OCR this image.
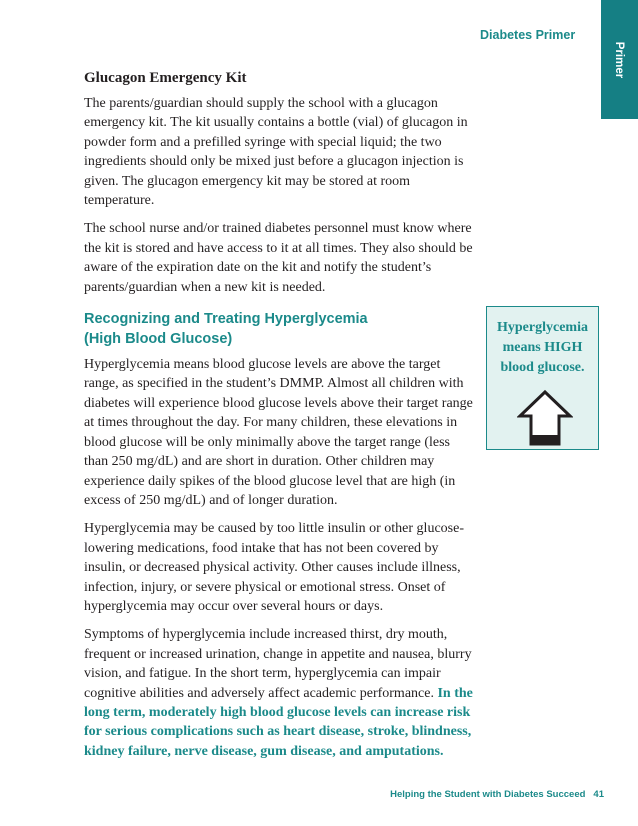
Diabetes Primer
Primer
Glucagon Emergency Kit

The parents/guardian should supply the school with a glucagon emergency kit. The kit usually contains a bottle (vial) of glucagon in powder form and a prefilled syringe with special liquid; the two ingredients should only be mixed just before a glucagon injection is given. The glucagon emergency kit may be stored at room temperature.

The school nurse and/or trained diabetes personnel must know where the kit is stored and have access to it at all times. They also should be aware of the expiration date on the kit and notify the student’s parents/guardian when a new kit is needed.

Recognizing and Treating Hyperglycemia
(High Blood Glucose)

Hyperglycemia means blood glucose levels are above the target range, as specified in the student’s DMMP. Almost all children with diabetes will experience blood glucose levels above their target range at times throughout the day. For many children, these elevations in blood glucose will be only minimally above the target range (less than 250 mg/dL) and are short in duration. Other children may experience daily spikes of the blood glucose level that are high (in excess of 250 mg/dL) and of longer duration.

Hyperglycemia may be caused by too little insulin or other glucose-lowering medications, food intake that has not been covered by insulin, or decreased physical activity. Other causes include illness, infection, injury, or severe physical or emotional stress. Onset of hyperglycemia may occur over several hours or days.

Symptoms of hyperglycemia include increased thirst, dry mouth, frequent or increased urination, change in appetite and nausea, blurry vision, and fatigue. In the short term, hyperglycemia can impair cognitive abilities and adversely affect academic performance. In the long term, moderately high blood glucose levels can increase risk for serious complications such as heart disease, stroke, blindness, kidney failure, nerve disease, gum disease, and amputations.

Hyperglycemia
means HIGH
blood glucose.

Helping the Student with Diabetes Succeed 41
